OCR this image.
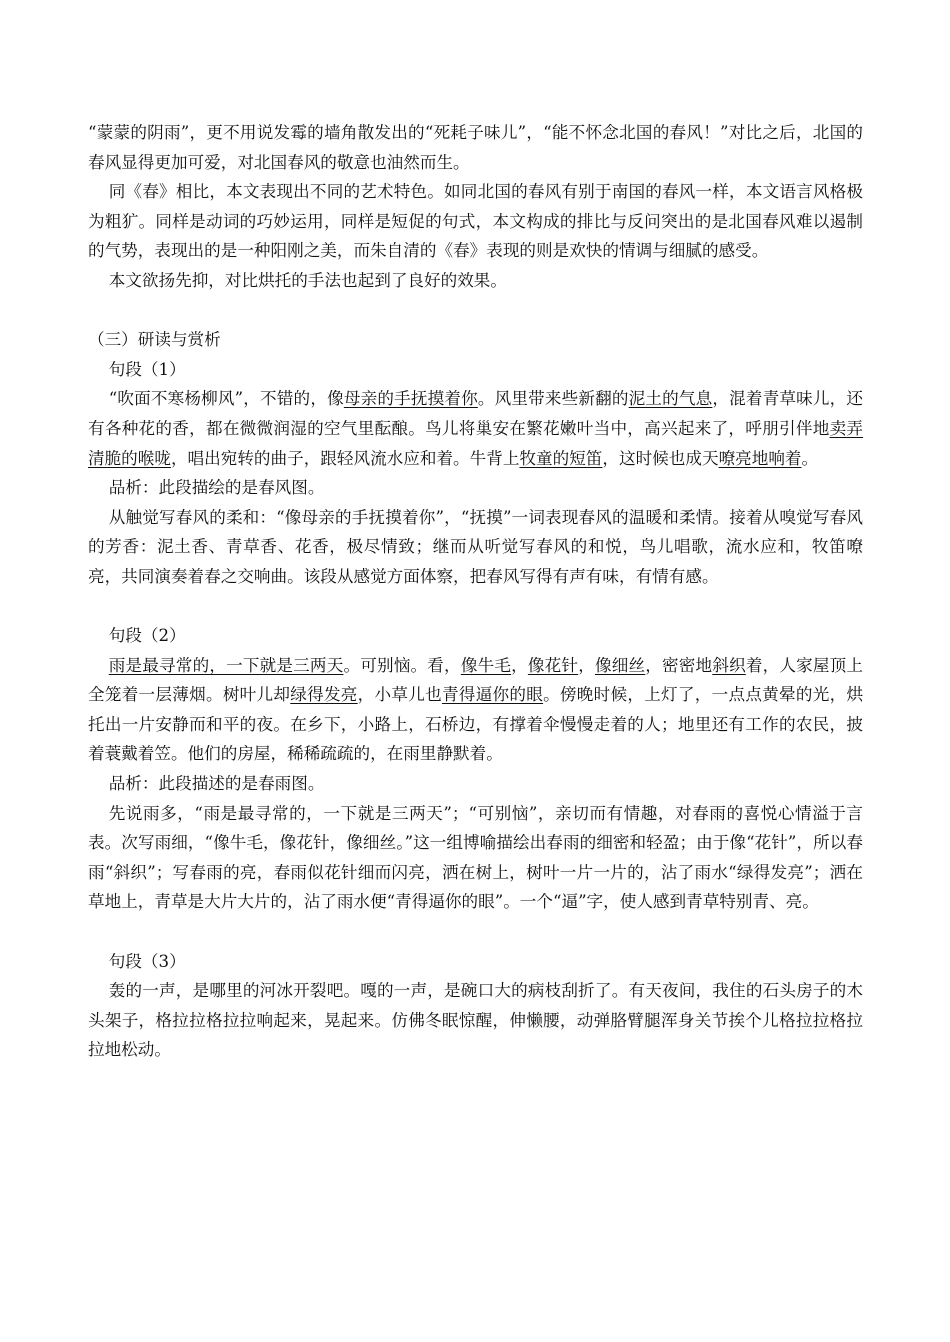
“蒙蒙的阴雨”，更不用说发霉的墙角散发出的“死耗子味儿”，“能不怀念北国的春风！”对比之后，北国的春风显得更加可爱，对北国春风的敬意也油然而生。

同《春》相比，本文表现出不同的艺术特色。如同北国的春风有别于南国的春风一样，本文语言风格极为粗犷。同样是动词的巧妙运用，同样是短促的句式，本文构成的排比与反问突出的是北国春风难以遏制的气势，表现出的是一种阳刚之美，而朱自清的《春》表现的则是欢快的情调与细腻的感受。

本文欲扬先抑，对比烘托的手法也起到了良好的效果。

（三）研读与赏析

句段（1）

“吹面不寒杨柳风”，不错的，像母亲的手抚摸着你。风里带来些新翻的泥土的气息，混着青草味儿，还有各种花的香，都在微微润湿的空气里酝酿。鸟儿将巢安在繁花嫩叶当中，高兴起来了，呼朋引伴地卖弄清脆的喉咙，唱出宛转的曲子，跟轻风流水应和着。牛背上牧童的短笛，这时候也成天嘹亮地响着。

品析：此段描绘的是春风图。

从触觉写春风的柔和：“像母亲的手抚摸着你”，“抚摸”一词表现春风的温暖和柔情。接着从嗅觉写春风的芳香：泥土香、青草香、花香，极尽情致；继而从听觉写春风的和悦，鸟儿唱歌，流水应和，牧笛嘹亮，共同演奏着春之交响曲。该段从感觉方面体察，把春风写得有声有味，有情有感。

句段（2）

雨是最寻常的，一下就是三两天。可别恼。看，像牛毛，像花针，像细丝，密密地斜织着，人家屋顶上全笼着一层薄烟。树叶儿却绿得发亮，小草儿也青得逼你的眼。傍晚时候，上灯了，一点点黄晕的光，烘托出一片安静而和平的夜。在乡下，小路上，石桥边，有撑着伞慢慢走着的人；地里还有工作的农民，披着蓑戴着笠。他们的房屋，稀稀疏疏的，在雨里静默着。

品析：此段描述的是春雨图。

先说雨多，“雨是最寻常的，一下就是三两天”；“可别恼”，亲切而有情趣，对春雨的喜悦心情溢于言表。次写雨细，“像牛毛，像花针，像细丝。”这一组博喻描绘出春雨的细密和轻盈；由于像“花针”，所以春雨“斜织”；写春雨的亮，春雨似花针细而闪亮，洒在树上，树叶一片一片的，沾了雨水“绿得发亮”；洒在草地上，青草是大片大片的，沾了雨水便“青得逼你的眼”。一个“逼”字，使人感到青草特别青、亮。

句段（3）

轰的一声，是哪里的河冰开裂吧。嘎的一声，是碗口大的病枝刮折了。有天夜间，我住的石头房子的木头架子，格拉拉格拉拉响起来，晃起来。仿佛冬眠惊醒，伸懒腰，动弹胳臂腿浑身关节挨个儿格拉拉格拉拉地松动。
